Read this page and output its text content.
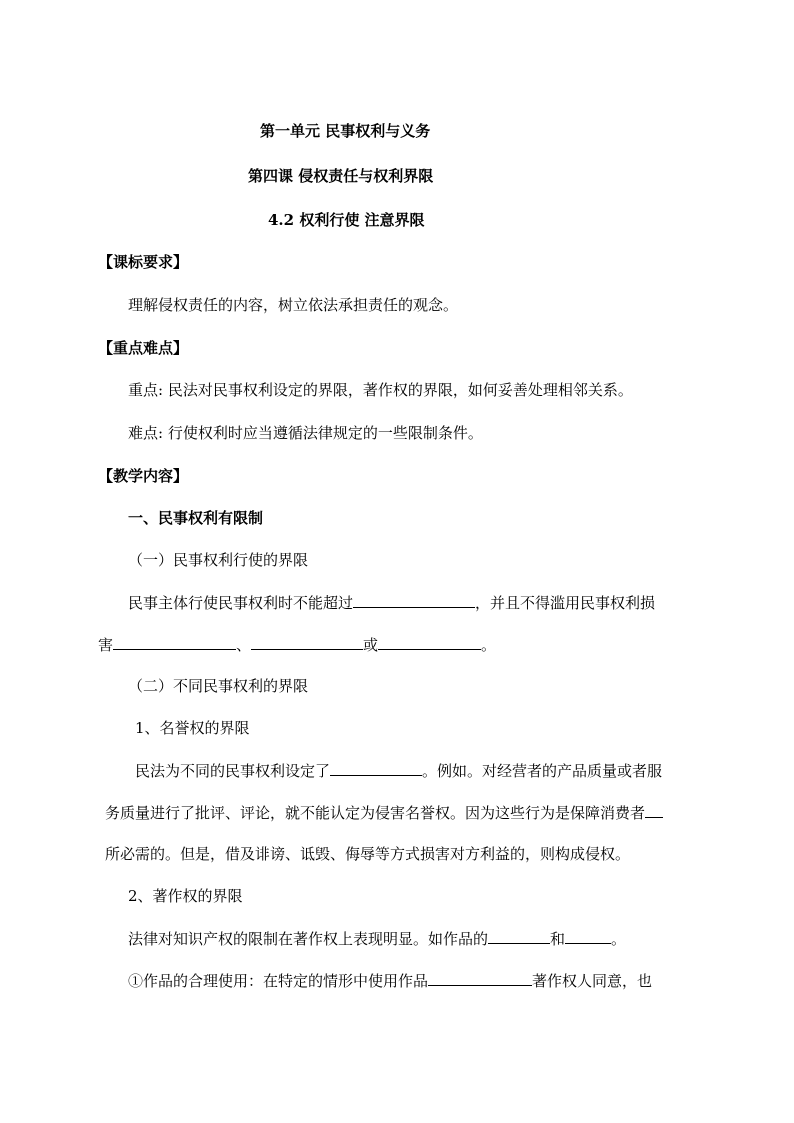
第一单元 民事权利与义务
第四课 侵权责任与权利界限
4.2 权利行使 注意界限
【课标要求】
理解侵权责任的内容，树立依法承担责任的观念。
【重点难点】
重点: 民法对民事权利设定的界限，著作权的界限，如何妥善处理相邻关系。
难点: 行使权利时应当遵循法律规定的一些限制条件。
【教学内容】
一、民事权利有限制
（一）民事权利行使的界限
民事主体行使民事权利时不能超过	，并且不得滥用民事权利损
害	、	或	。
（二）不同民事权利的界限
1、名誉权的界限
民法为不同的民事权利设定了	。例如。对经营者的产品质量或者服
务质量进行了批评、评论，就不能认定为侵害名誉权。因为这些行为是保障消费者
所必需的。但是，借及诽谤、诋毁、侮辱等方式损害对方利益的，则构成侵权。
2、著作权的界限
法律对知识产权的限制在著作权上表现明显。如作品的	和	。
①作品的合理使用：在特定的情形中使用作品	著作权人同意，也
